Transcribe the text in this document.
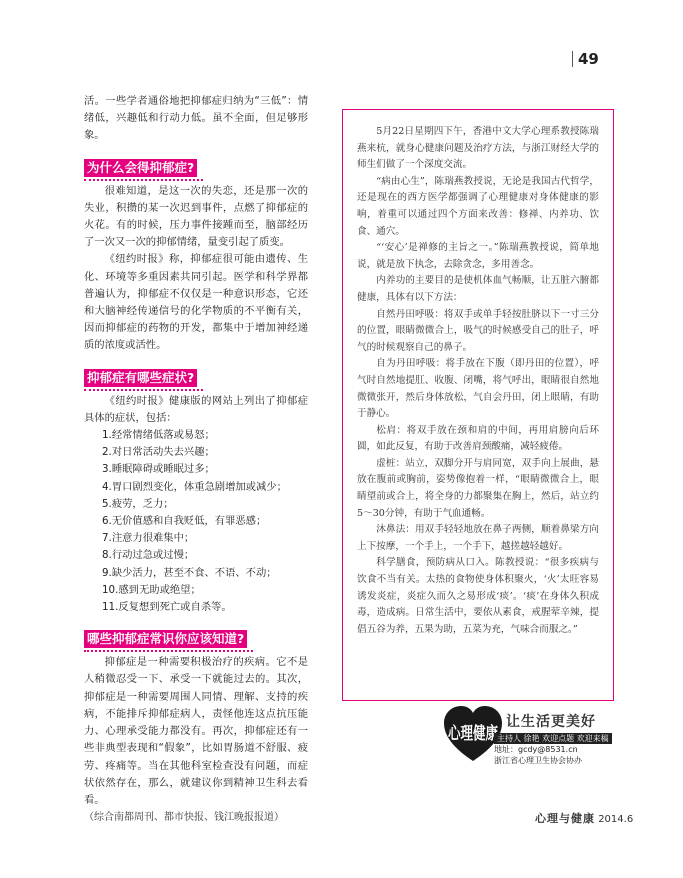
49

活。一些学者通俗地把抑郁症归纳为“三低”：情绪低，兴趣低和行动力低。虽不全面，但足够形象。

为什么会得抑郁症?

很难知道，是这一次的失恋，还是那一次的失业，积攒的某一次迟到事件，点燃了抑郁症的火花。有的时候，压力事件接踵而至，脑部经历了一次又一次的抑郁情绪，量变引起了质变。

《纽约时报》称，抑郁症很可能由遗传、生化、环境等多重因素共同引起。医学和科学界都普遍认为，抑郁症不仅仅是一种意识形态，它还和大脑神经传递信号的化学物质的不平衡有关，因而抑郁症的药物的开发，都集中于增加神经递质的浓度或活性。

抑郁症有哪些症状?

《纽约时报》健康版的网站上列出了抑郁症具体的症状，包括：

1.经常情绪低落或易怒；
2.对日常活动失去兴趣；
3.睡眠障碍或睡眠过多；
4.胃口剧烈变化，体重急剧增加或减少；
5.疲劳，乏力；
6.无价值感和自我贬低，有罪恶感；
7.注意力很难集中；
8.行动过急或过慢；
9.缺少活力，甚至不食、不语、不动；
10.感到无助或绝望；
11.反复想到死亡或自杀等。
哪些抑郁症常识你应该知道?

抑郁症是一种需要积极治疗的疾病。它不是人稍微忍受一下、承受一下就能过去的。其次，抑郁症是一种需要周围人同情、理解、支持的疾病，不能排斥抑郁症病人，责怪他连这点抗压能力、心理承受能力都没有。再次，抑郁症还有一些非典型表现和“假象”，比如胃肠道不舒服、疲劳、疼痛等。当在其他科室检查没有问题，而症状依然存在，那么，就建议你到精神卫生科去看看。

（综合南都周刊、都市快报、钱江晚报报道）

5月22日星期四下午，香港中文大学心理系教授陈瑞燕来杭，就身心健康问题及治疗方法，与浙江财经大学的师生们做了一个深度交流。

“病由心生”，陈瑞燕教授说，无论是我国古代哲学，还是现在的西方医学都强调了心理健康对身体健康的影响，着重可以通过四个方面来改善：修禅、内养功、饮食、通穴。

“‘安心’是禅修的主旨之一。”陈瑞燕教授说，简单地说，就是放下执念，去除贪念，多用善念。

内养功的主要目的是使机体血气畅顺，让五脏六腑都健康，具体有以下方法：

自然丹田呼吸：将双手或单手轻按肚脐以下一寸三分的位置，眼睛微微合上，吸气的时候感受自己的肚子，呼气的时候观察自己的鼻子。

自为丹田呼吸：将手放在下腹（即丹田的位置），呼气时自然地提肛、收腹、闭嘴，将气呼出，眼睛很自然地微微张开，然后身体放松，气自会丹田，闭上眼睛，有助于静心。

松肩：将双手放在颈和肩的中间，再用肩膀向后环圆，如此反复，有助于改善肩颈酸痛，减轻疲倦。

虚桩：站立，双脚分开与肩同宽，双手向上展曲，悬放在腹前或胸前，姿势像抱着一样，“眼睛微微合上，眼睛望前或合上，将全身的力都聚集在胸上，然后，站立约5～30分钟，有助于气血通畅。

沐鼻法：用双手轻轻地放在鼻子两侧，顺着鼻梁方向上下按摩，一个手上，一个手下，越搓越轻越好。

科学膳食，预防病从口入。陈教授说：“很多疾病与饮食不当有关。太热的食物使身体积聚火，‘火’太旺容易诱发炎症，炎症久而久之易形成‘痰’。‘痰’在身体久积成毒，造成病。日常生活中，要依从素食，戒腥荤辛辣，提倡五谷为养，五果为助，五菜为充，气味合而服之。”

心理健康
让生活更美好
主持人 徐艳 欢迎点题 欢迎来稿
地址：gcdy@8531.cn
浙江省心理卫生协会协办
心理与健康 2014.6
